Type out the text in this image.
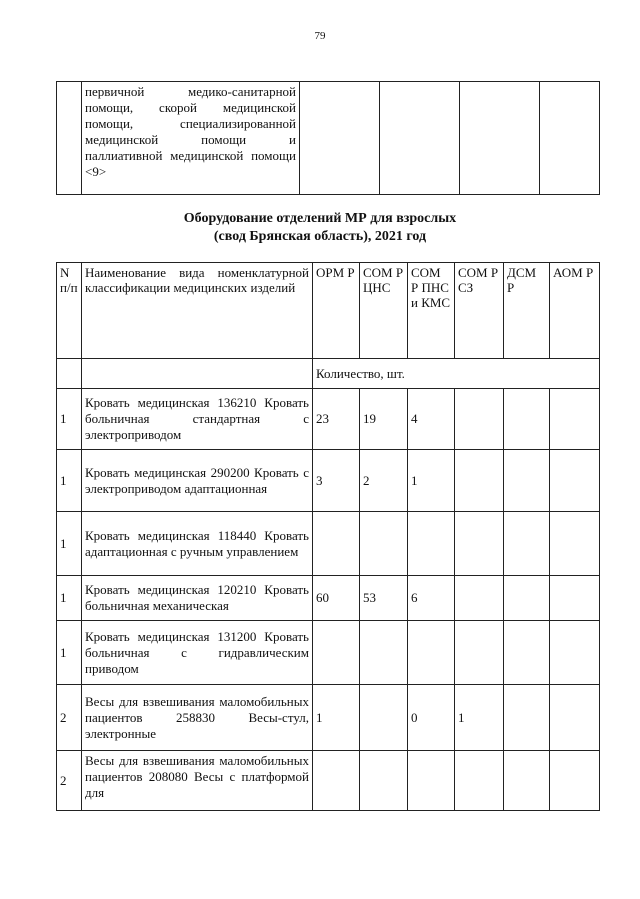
79
	первичной медико-санитарной помощи, скорой медицинской помощи, специализированной медицинской помощи и паллиативной медицинской помощи <9>				
Оборудование отделений МР для взрослых
(свод Брянская область), 2021 год
N п/п	Наименование вида номенклатурной классификации медицинских изделий	ОРМ Р	СОМ Р ЦНС	СОМ Р ПНС и КМС	СОМ Р СЗ	ДСМ Р	АОМ Р
		Количество, шт.					
1	Кровать медицинская 136210 Кровать больничная стандартная с электроприводом	23	19	4			
1	Кровать медицинская 290200 Кровать с электроприводом адаптационная	3	2	1			
1	Кровать медицинская 118440 Кровать адаптационная с ручным управлением						
1	Кровать медицинская 120210 Кровать больничная механическая	60	53	6			
1	Кровать медицинская 131200 Кровать больничная с гидравлическим приводом						
2	Весы для взвешивания маломобильных пациентов 258830 Весы-стул, электронные	1		0	1		
2	Весы для взвешивания маломобильных пациентов 208080 Весы с платформой для						
